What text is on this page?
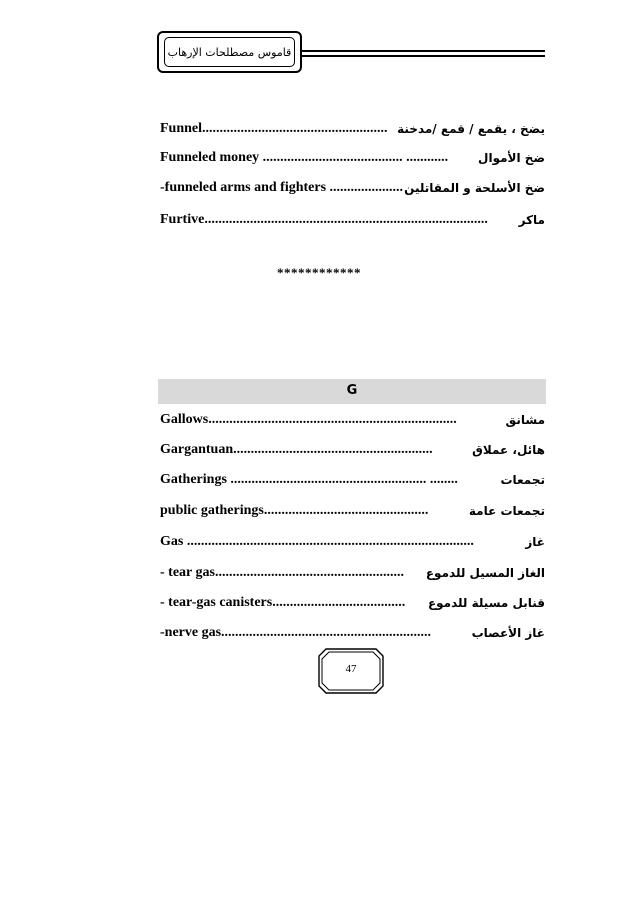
قاموس مصطلحات الإرهاب
Funnel..................................................... يضخ ، يقمع / قمع /مدخنة
Funneled money ........................................ ............ ضخ الأموال
-funneled arms and fighters ..................... ضخ الأسلحة و المقاتلين
Furtive.................................................................................	ماكر
************
G
Gallows.......................................................................	مشانق
Gargantuan.........................................................	هائل، عملاق
Gatherings ........................................................ ........	تجمعات
public gatherings...............................................	تجمعات عامة
Gas ..................................................................................	غاز
- tear gas...................................................... الغاز المسيل للدموع
- tear-gas canisters...................................... قنابل مسيلة للدموع
-nerve gas............................................................	غاز الأعصاب
47
